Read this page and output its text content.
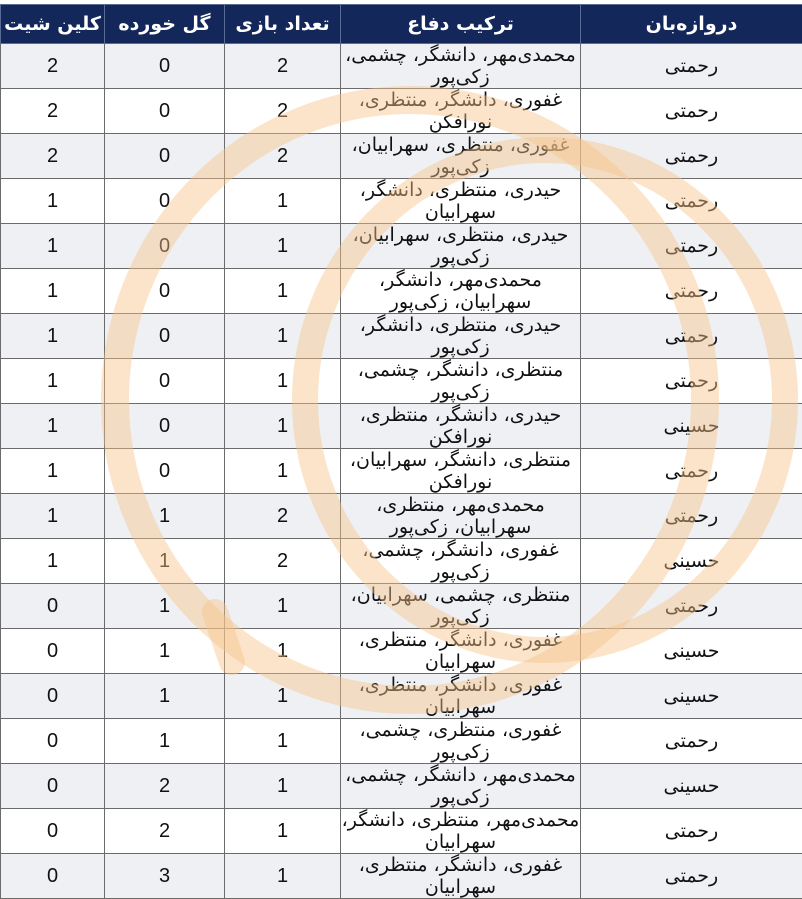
دروازه‌بان	ترکیب دفاع	تعداد بازی	گل خورده	کلین شیت
رحمتی	محمدی‌مهر، دانشگر، چشمی، زکی‌پور	2	0	2
رحمتی	غفوری، دانشگر، منتظری، نورافکن	2	0	2
رحمتی	غفوری، منتظری، سهرابیان، زکی‌پور	2	0	2
رحمتی	حیدری، منتظری، دانشگر، سهرابیان	1	0	1
رحمتی	حیدری، منتظری، سهرابیان، زکی‌پور	1	0	1
رحمتی	محمدی‌مهر، دانشگر، سهرابیان، زکی‌پور	1	0	1
رحمتی	حیدری، منتظری، دانشگر، زکی‌پور	1	0	1
رحمتی	منتظری، دانشگر، چشمی، زکی‌پور	1	0	1
حسینی	حیدری، دانشگر، منتظری، نورافکن	1	0	1
رحمتی	منتظری، دانشگر، سهرابیان، نورافکن	1	0	1
رحمتی	محمدی‌مهر، منتظری، سهرابیان، زکی‌پور	2	1	1
حسینی	غفوری، دانشگر، چشمی، زکی‌پور	2	1	1
رحمتی	منتظری، چشمی، سهرابیان، زکی‌پور	1	1	0
حسینی	غفوری، دانشگر، منتظری، سهرابیان	1	1	0
حسینی	غفوری، دانشگر، منتظری، سهرابیان	1	1	0
رحمتی	غفوری، منتظری، چشمی، زکی‌پور	1	1	0
حسینی	محمدی‌مهر، دانشگر، چشمی، زکی‌پور	1	2	0
رحمتی	محمدی‌مهر، منتظری، دانشگر، سهرابیان	1	2	0
رحمتی	غفوری، دانشگر، منتظری، سهرابیان	1	3	0
